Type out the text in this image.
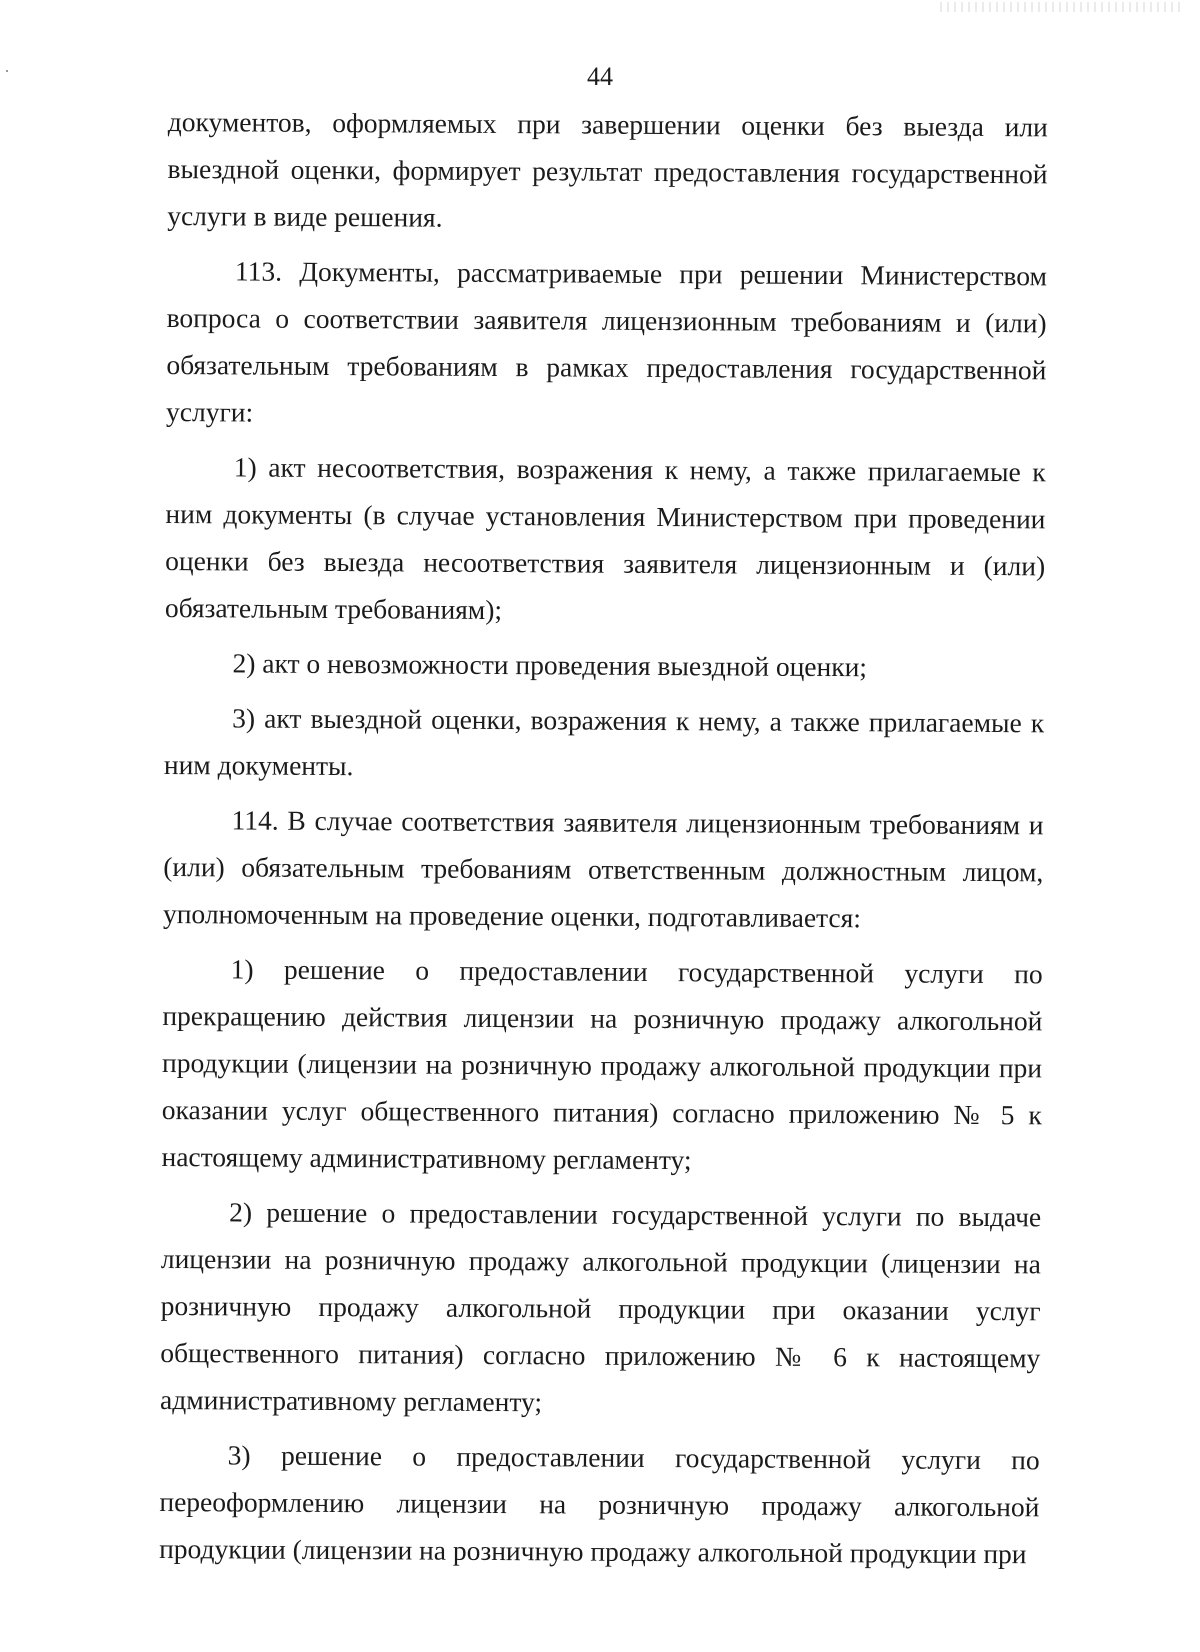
44

документов, оформляемых при завершении оценки без выезда или выездной оценки, формирует результат предоставления государственной услуги в виде решения.

113. Документы, рассматриваемые при решении Министерством вопроса о соответствии заявителя лицензионным требованиям и (или) обязательным требованиям в рамках предоставления государственной услуги:

1) акт несоответствия, возражения к нему, а также прилагаемые к ним документы (в случае установления Министерством при проведении оценки без выезда несоответствия заявителя лицензионным и (или) обязательным требованиям);

2) акт о невозможности проведения выездной оценки;

3) акт выездной оценки, возражения к нему, а также прилагаемые к ним документы.

114. В случае соответствия заявителя лицензионным требованиям и (или) обязательным требованиям ответственным должностным лицом, уполномоченным на проведение оценки, подготавливается:

1) решение о предоставлении государственной услуги по прекращению действия лицензии на розничную продажу алкогольной продукции (лицензии на розничную продажу алкогольной продукции при оказании услуг общественного питания) согласно приложению № 5 к настоящему административному регламенту;

2) решение о предоставлении государственной услуги по выдаче лицензии на розничную продажу алкогольной продукции (лицензии на розничную продажу алкогольной продукции при оказании услуг общественного питания) согласно приложению № 6 к настоящему административному регламенту;

3) решение о предоставлении государственной услуги по переоформлению лицензии на розничную продажу алкогольной продукции (лицензии на розничную продажу алкогольной продукции при
